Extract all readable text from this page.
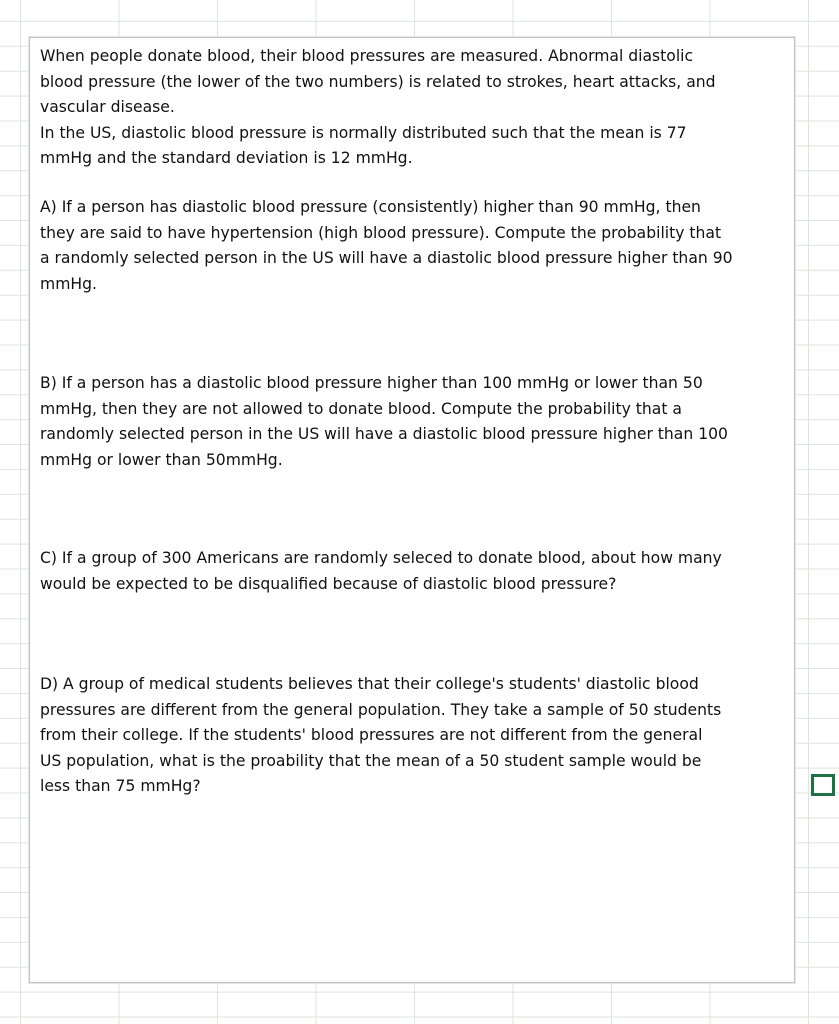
When people donate blood, their blood pressures are measured. Abnormal diastolic
blood pressure (the lower of the two numbers) is related to strokes, heart attacks, and
vascular disease.
In the US, diastolic blood pressure is normally distributed such that the mean is 77
mmHg and the standard deviation is 12 mmHg.

A) If a person has diastolic blood pressure (consistently) higher than 90 mmHg, then
they are said to have hypertension (high blood pressure). Compute the probability that
a randomly selected person in the US will have a diastolic blood pressure higher than 90
mmHg.

B) If a person has a diastolic blood pressure higher than 100 mmHg or lower than 50
mmHg, then they are not allowed to donate blood. Compute the probability that a
randomly selected person in the US will have a diastolic blood pressure higher than 100
mmHg or lower than 50mmHg.

C) If a group of 300 Americans are randomly seleced to donate blood, about how many
would be expected to be disqualified because of diastolic blood pressure?

D) A group of medical students believes that their college's students' diastolic blood
pressures are different from the general population. They take a sample of 50 students
from their college. If the students' blood pressures are not different from the general
US population, what is the proability that the mean of a 50 student sample would be
less than 75 mmHg?
